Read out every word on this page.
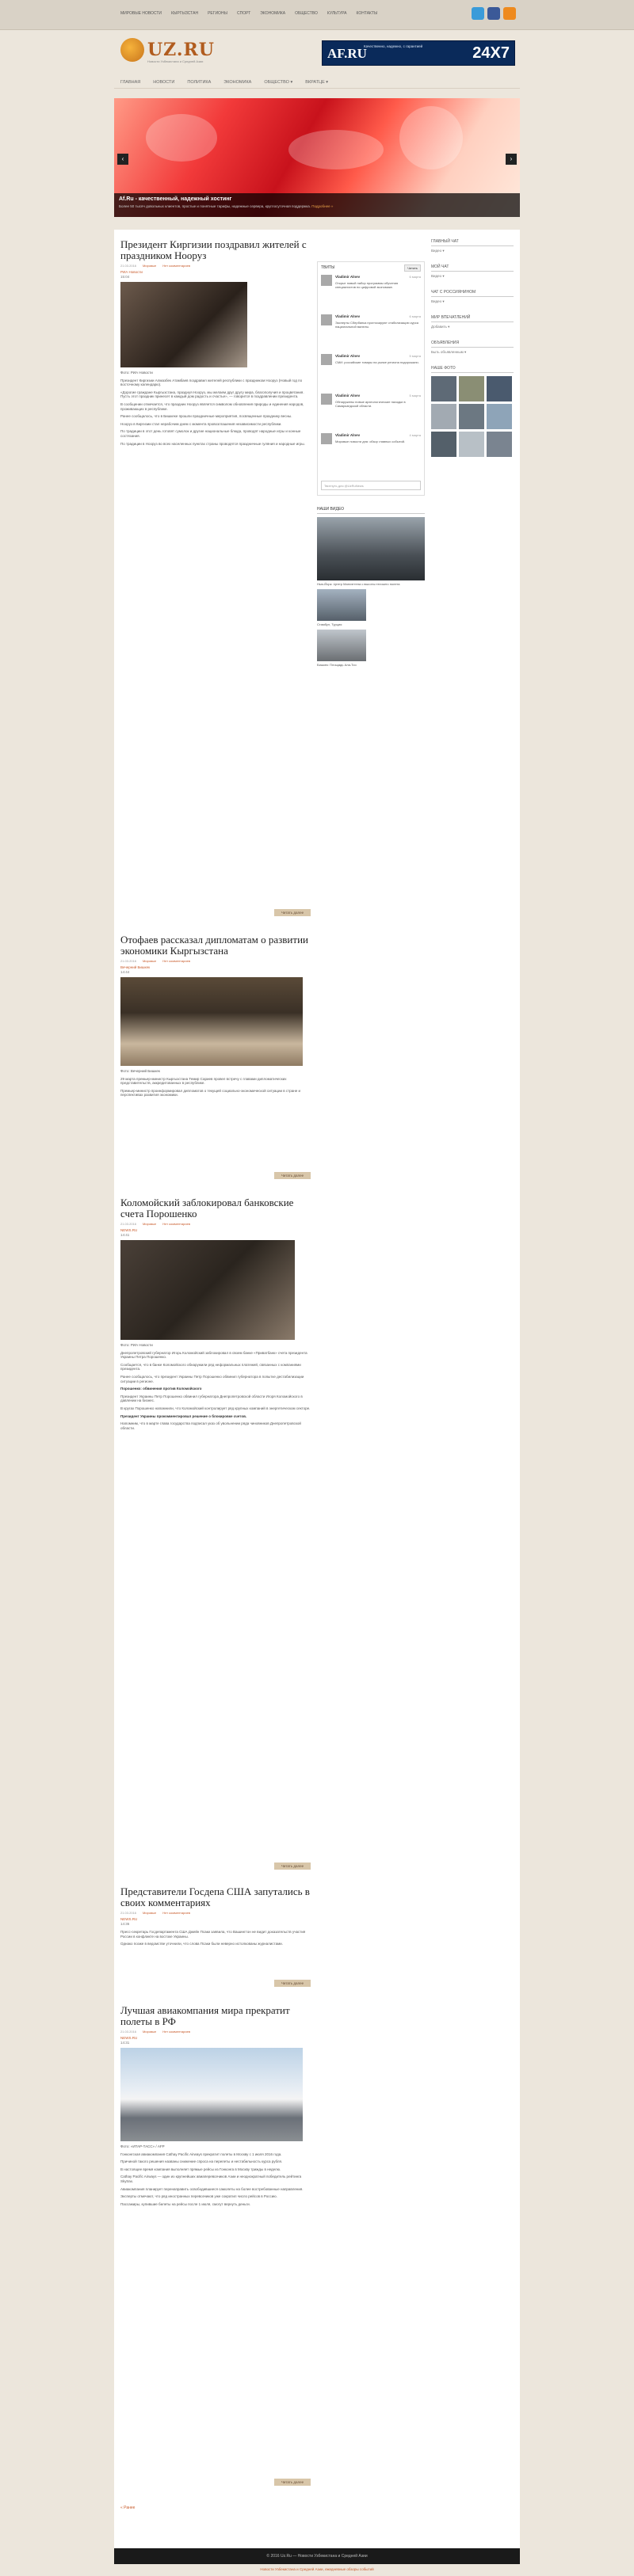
МИРОВЫЕ НОВОСТИ КЫРГЫЗСТАН РЕГИОНЫ СПОРТ ЭКОНОМИКА ОБЩЕСТВО КУЛЬТУРА КОНТАКТЫ
UZ.RU
Новости Узбекистана и Средней Азии
AF.RU
Качественно, надежно, с гарантией	24X7
ГЛАВНАЯ	НОВОСТИ	ПОЛИТИКА	ЭКОНОМИКА	ОБЩЕСТВО ▾	ВКРАТЦЕ ▾
‹	›
Af.Ru - качественный, надежный хостинг
Более 50 тысяч довольных клиентов, простые и понятные тарифы, надежные сервера, круглосуточная поддержка. Подробнее »
Президент Киргизии поздравил жителей с праздником Нооруз
21.03.2016 Мировые Нет комментариев
РИА Новости
15:04
Фото: РИА Новости
Президент Киргизии Алмазбек Атамбаев поздравил жителей республики с праздником Нооруз (Новый год по восточному календарю).
«Дорогие граждане Кыргызстана, празднуя Нооруз, мы желаем друг другу мира, благополучия и процветания. Пусть этот праздник принесет в каждый дом радость и счастье», — говорится в поздравлении президента.
В сообщении отмечается, что праздник Нооруз является символом обновления природы и единения народов, проживающих в республике.
Ранее сообщалось, что в Бишкеке прошли праздничные мероприятия, посвященные празднику весны.
Нооруз в Киргизии стал нерабочим днем с момента провозглашения независимости республики.
По традиции в этот день готовят сумолок и другие национальные блюда, проводят народные игры и конные состязания.
По традиции в Нооруз во всех населенных пунктах страны проводятся праздничные гуляния и народные игры.
Читать далее
Отофаев рассказал дипломатам о развитии экономики Кыргызстана
21.03.2016 Мировые Нет комментариев
Вечерний Бишкек
14:44
Фото: Вечерний Бишкек
29 марта премьер-министр Кыргызстана Темир Сариев провел встречу с главами дипломатических представительств, аккредитованных в республике.
Премьер-министр проинформировал дипломатов о текущей социально-экономической ситуации в стране и перспективах развития экономики.
Читать далее
Коломойский заблокировал банковские счета Порошенко
21.03.2016 Мировые Нет комментариев
NEWS.RU
14:41
Фото: РИА Новости
Днепропетровский губернатор Игорь Коломойский заблокировал в своем банке «Приватбанк» счета президента Украины Петра Порошенко.
Сообщается, что в банке Коломойского обнаружили ряд неформальных платежей, связанных с компаниями президента.
Ранее сообщалось, что президент Украины Петр Порошенко обвинил губернатора в попытке дестабилизации ситуации в регионе.
Порошенко: обвинения против Коломойского
Президент Украины Петр Порошенко обвинил губернатора Днепропетровской области Игоря Коломойского в давлении на бизнес.
В кругах Порошенко напомнили, что Коломойский контролирует ряд крупных компаний в энергетическом секторе.
Президент Украины прокомментировал решение о блокировке счетов.
Напомним, что в марте глава государства подписал указ об увольнении ряда чиновников Днепропетровской области.
Читать далее
Представители Госдепа США запутались в своих комментариях
21.03.2016 Мировые Нет комментариев
NEWS.RU
14:36
Пресс-секретарь Госдепартамента США Джейн Псаки заявила, что Вашингтон не видит доказательств участия России в конфликте на востоке Украины.
Однако позже в ведомстве уточнили, что слова Псаки были неверно истолкованы журналистами.
Читать далее
Лучшая авиакомпания мира прекратит полеты в РФ
21.03.2016 Мировые Нет комментариев
NEWS.RU
14:31
Фото: «ИТАР-ТАСС» / AFP
Гонконгская авиакомпания Cathay Pacific Airways прекратит полеты в Москву с 1 июля 2016 года.
Причиной такого решения названы снижение спроса на перелеты и нестабильность курса рубля.
В настоящее время компания выполняет прямые рейсы из Гонконга в Москву трижды в неделю.
Cathay Pacific Airways — один из крупнейших авиаперевозчиков Азии и неоднократный победитель рейтинга Skytrax.
Авиакомпания планирует перенаправить освободившиеся самолеты на более востребованные направления.
Эксперты отмечают, что ряд иностранных перевозчиков уже сократил число рейсов в Россию.
Пассажиры, купившие билеты на рейсы после 1 июля, смогут вернуть деньги.
Читать далее
« Ранее
ТВИТЫ	Читать
Vladimir Alnev	6 марта
Открыт новый набор программы обучения специалистов по цифровой экономике.
Vladimir Alnev	6 марта
Эксперты Сбербанка прогнозируют стабилизацию курса национальной валюты.
Vladimir Alnev	5 марта
СМИ: российские товары на рынке региона подорожали.
Vladimir Alnev	5 марта
Обнаружены новые археологические находки в Самаркандской области.
Vladimir Alnev	4 марта
Мировые новости дня: обзор главных событий.
Твитнуть для @UzRuNews
НАШИ ВИДЕО
Нью-Йорк: Центр Манхэттена с высоты птичьего полета
Стамбул, Турция
Бишкек: Площадь Ала-Тоо
ГЛАВНЫЙ ЧАТ
Видео ▾
МОЙ ЧАТ
Видео ▾
ЧАТ С РОССИЯНИНОМ
Видео ▾
МИР ВПЕЧАТЛЕНИЙ
Добавить ▾
ОБЪЯВЛЕНИЯ
Быть объявленным ▾
НАШЕ ФОТО
© 2016 Uz.Ru — Новости Узбекистана и Средней Азии
Новости Узбекистана и Средней Азии, ежедневные обзоры событий
